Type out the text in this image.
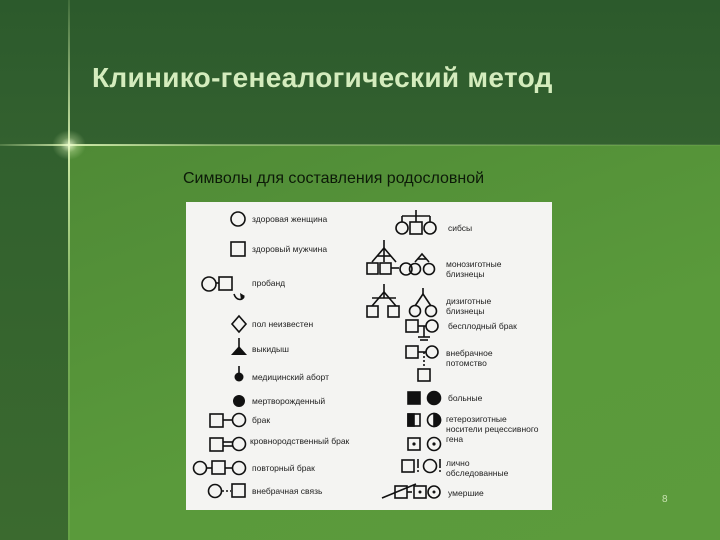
Клинико-генеалогический метод

Символы для составления родословной

здоровая женщина
здоровый мужчина
пробанд
пол неизвестен
выкидыш
медицинский аборт
мертворожденный
брак
кровнородственный брак
повторный брак
внебрачная связь
сибсы
монозиготные близнецы
дизиготные близнецы
бесплодный брак
внебрачное потомство
больные
гетерозиготные носители рецессивного гена
лично обследованные
умершие
8
